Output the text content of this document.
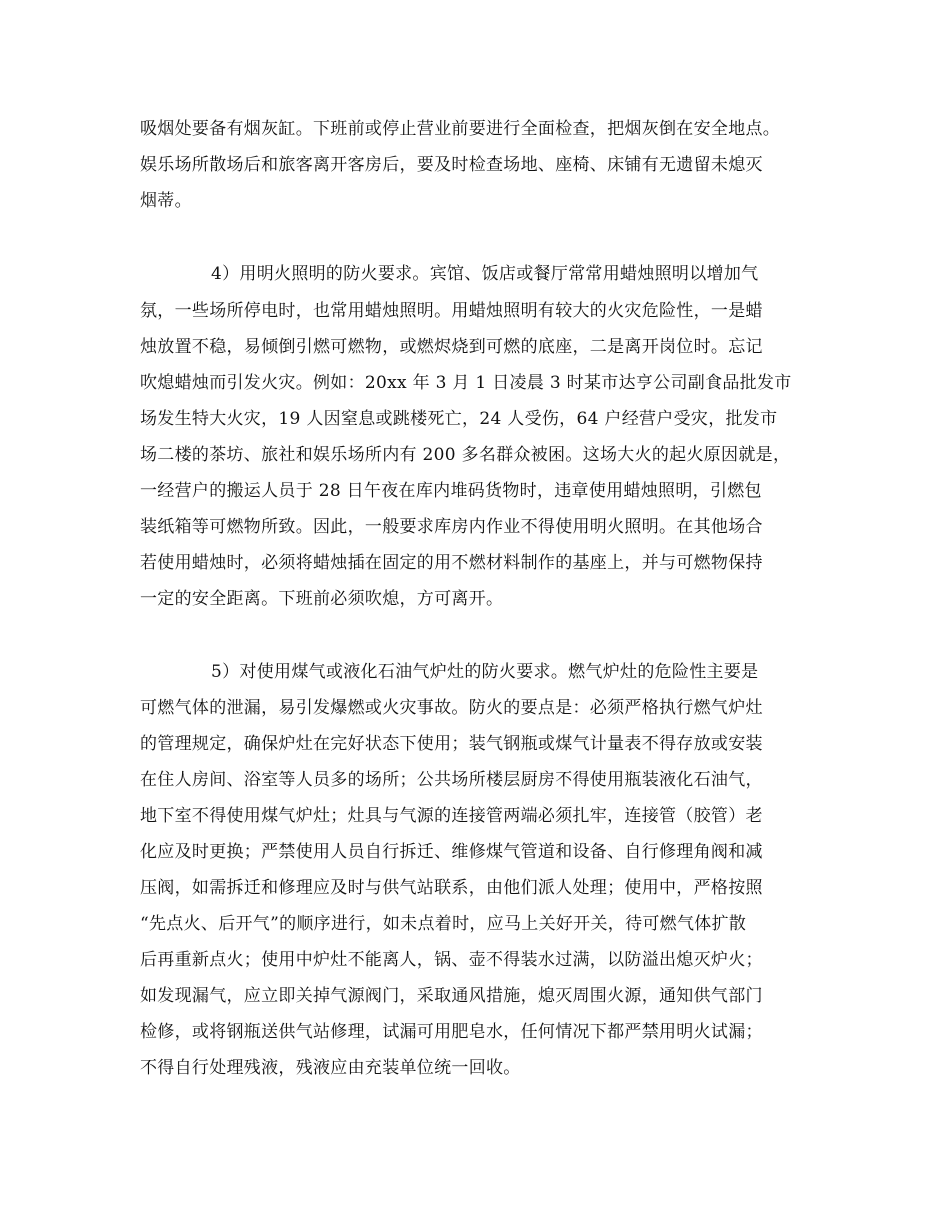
吸烟处要备有烟灰缸。下班前或停止营业前要进行全面检查，把烟灰倒在安全地点。
娱乐场所散场后和旅客离开客房后，要及时检查场地、座椅、床铺有无遗留未熄灭
烟蒂。
4）用明火照明的防火要求。宾馆、饭店或餐厅常常用蜡烛照明以增加气
氛，一些场所停电时，也常用蜡烛照明。用蜡烛照明有较大的火灾危险性，一是蜡
烛放置不稳，易倾倒引燃可燃物，或燃烬烧到可燃的底座，二是离开岗位时。忘记
吹熄蜡烛而引发火灾。例如：20xx 年 3 月 1 日凌晨 3 时某市达亨公司副食品批发市
场发生特大火灾，19 人因窒息或跳楼死亡，24 人受伤，64 户经营户受灾，批发市
场二楼的茶坊、旅社和娱乐场所内有 200 多名群众被困。这场大火的起火原因就是，
一经营户的搬运人员于 28 日午夜在库内堆码货物时，违章使用蜡烛照明，引燃包
装纸箱等可燃物所致。因此，一般要求库房内作业不得使用明火照明。在其他场合
若使用蜡烛时，必须将蜡烛插在固定的用不燃材料制作的基座上，并与可燃物保持
一定的安全距离。下班前必须吹熄，方可离开。
5）对使用煤气或液化石油气炉灶的防火要求。燃气炉灶的危险性主要是
可燃气体的泄漏，易引发爆燃或火灾事故。防火的要点是：必须严格执行燃气炉灶
的管理规定，确保炉灶在完好状态下使用；装气钢瓶或煤气计量表不得存放或安装
在住人房间、浴室等人员多的场所；公共场所楼层厨房不得使用瓶装液化石油气，
地下室不得使用煤气炉灶；灶具与气源的连接管两端必须扎牢，连接管（胶管）老
化应及时更换；严禁使用人员自行拆迁、维修煤气管道和设备、自行修理角阀和减
压阀，如需拆迁和修理应及时与供气站联系，由他们派人处理；使用中，严格按照
“先点火、后开气”的顺序进行，如未点着时，应马上关好开关，待可燃气体扩散
后再重新点火；使用中炉灶不能离人，锅、壶不得装水过满，以防溢出熄灭炉火；
如发现漏气，应立即关掉气源阀门，采取通风措施，熄灭周围火源，通知供气部门
检修，或将钢瓶送供气站修理，试漏可用肥皂水，任何情况下都严禁用明火试漏；
不得自行处理残液，残液应由充装单位统一回收。
